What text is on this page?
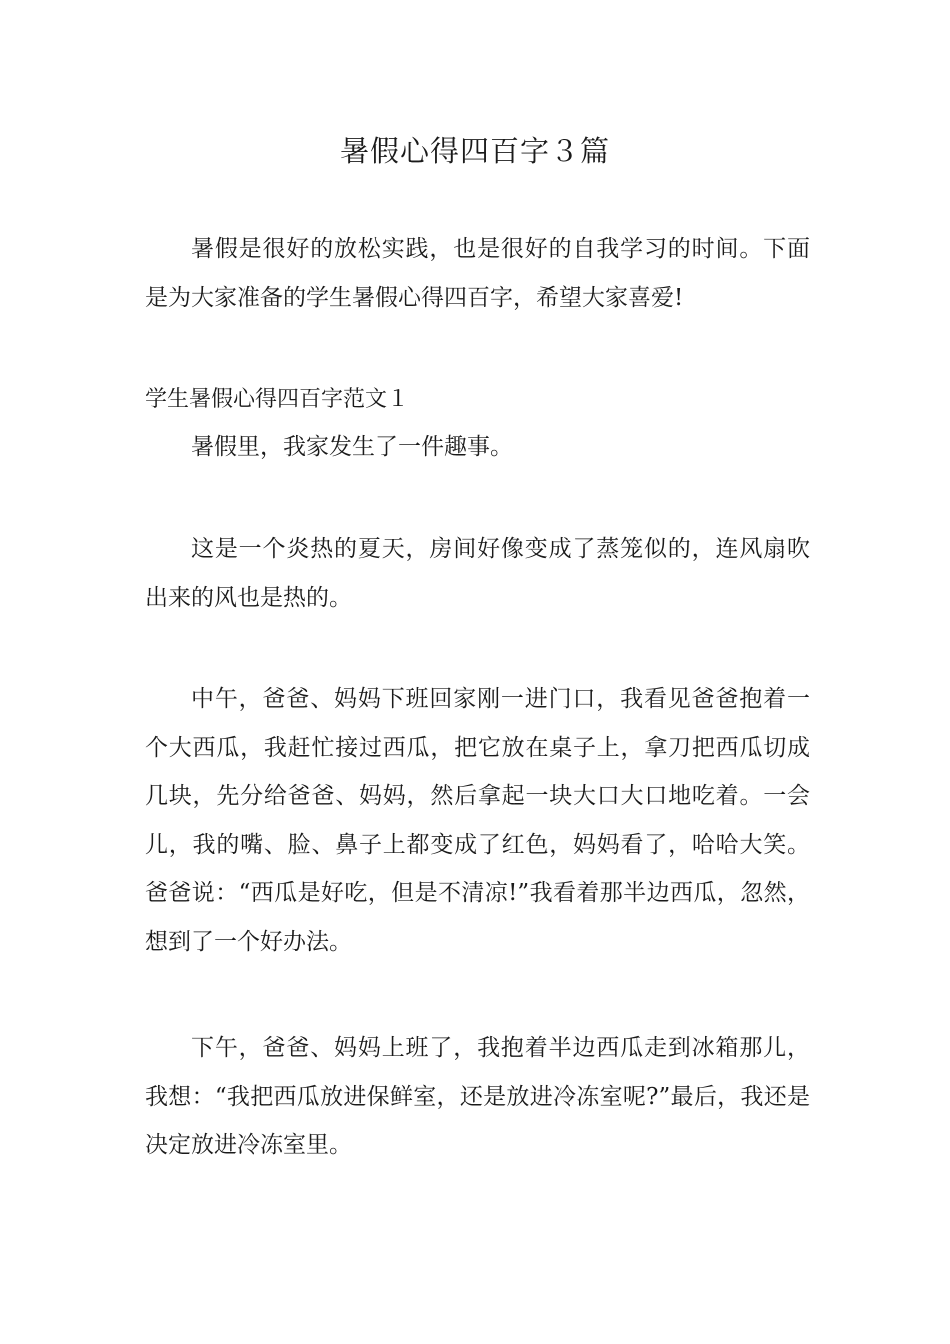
暑假心得四百字３篇

暑假是很好的放松实践，也是很好的自我学习的时间。下面是为大家准备的学生暑假心得四百字，希望大家喜爱!

学生暑假心得四百字范文１

暑假里，我家发生了一件趣事。

这是一个炎热的夏天，房间好像变成了蒸笼似的，连风扇吹出来的风也是热的。

中午，爸爸、妈妈下班回家刚一进门口，我看见爸爸抱着一个大西瓜，我赶忙接过西瓜，把它放在桌子上，拿刀把西瓜切成几块，先分给爸爸、妈妈，然后拿起一块大口大口地吃着。一会儿，我的嘴、脸、鼻子上都变成了红色，妈妈看了，哈哈大笑。爸爸说：“西瓜是好吃，但是不清凉!”我看着那半边西瓜，忽然，想到了一个好办法。

下午，爸爸、妈妈上班了，我抱着半边西瓜走到冰箱那儿，我想：“我把西瓜放进保鲜室，还是放进冷冻室呢?”最后，我还是决定放进冷冻室里。
